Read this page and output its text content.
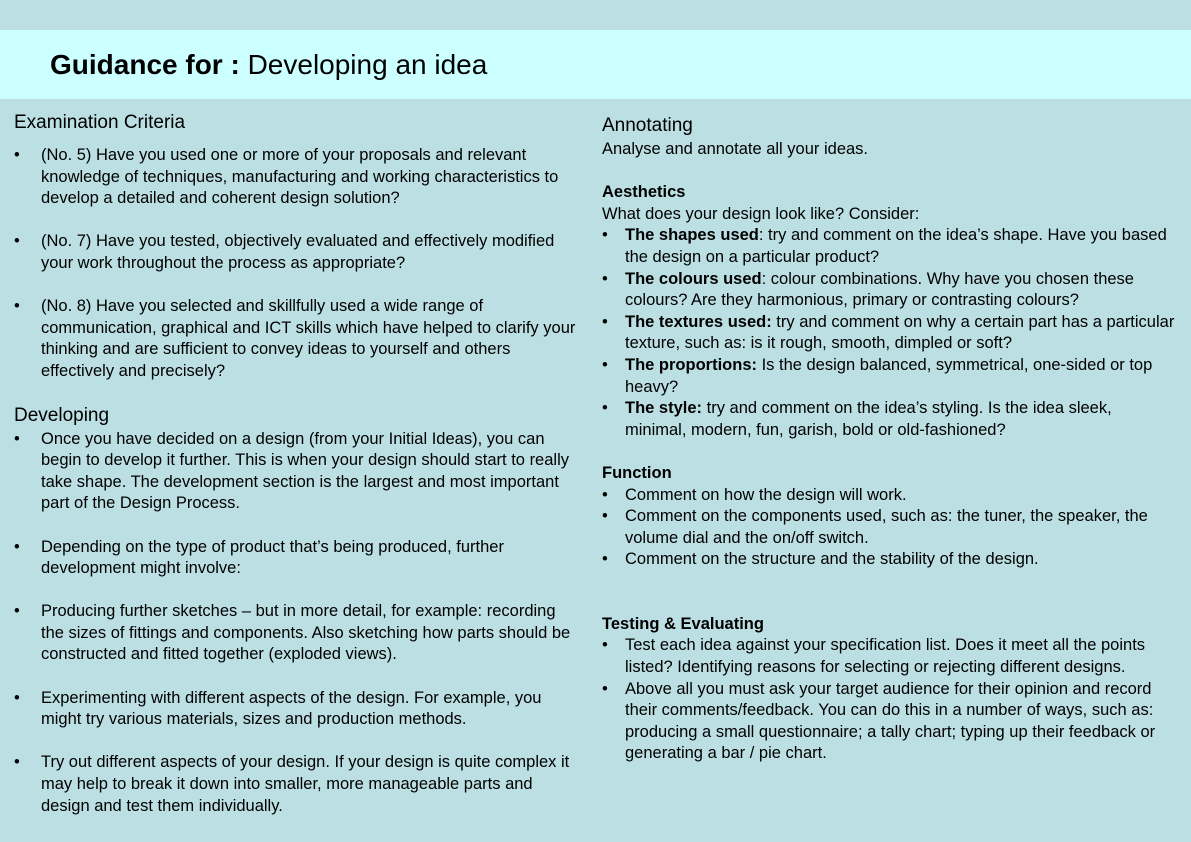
Guidance for : Developing an idea
Examination Criteria
• (No. 5) Have you used one or more of your proposals and relevant knowledge of techniques, manufacturing and working characteristics to develop a detailed and coherent design solution?
• (No. 7) Have you tested, objectively evaluated and effectively modified your work throughout the process as appropriate?
• (No. 8) Have you selected and skillfully used a wide range of communication, graphical and ICT skills which have helped to clarify your thinking and are sufficient to convey ideas to yourself and others effectively and precisely?
Developing
• Once you have decided on a design (from your Initial Ideas), you can begin to develop it further. This is when your design should start to really take shape. The development section is the largest and most important part of the Design Process.
• Depending on the type of product that’s being produced, further development might involve:
• Producing further sketches – but in more detail, for example: recording the sizes of fittings and components. Also sketching how parts should be constructed and fitted together (exploded views).
• Experimenting with different aspects of the design. For example, you might try various materials, sizes and production methods.
• Try out different aspects of your design. If your design is quite complex it may help to break it down into smaller, more manageable parts and design and test them individually.
Annotating

Analyse and annotate all your ideas.

Aesthetics

What does your design look like? Consider:

• The shapes used: try and comment on the idea’s shape. Have you based the design on a particular product?
• The colours used: colour combinations. Why have you chosen these colours? Are they harmonious, primary or contrasting colours?
• The textures used: try and comment on why a certain part has a particular texture, such as: is it rough, smooth, dimpled or soft?
• The proportions: Is the design balanced, symmetrical, one-sided or top heavy?
• The style: try and comment on the idea’s styling. Is the idea sleek, minimal, modern, fun, garish, bold or old-fashioned?
Function
• Comment on how the design will work.
• Comment on the components used, such as: the tuner, the speaker, the volume dial and the on/off switch.
• Comment on the structure and the stability of the design.
Testing & Evaluating
• Test each idea against your specification list. Does it meet all the points listed? Identifying reasons for selecting or rejecting different designs.
• Above all you must ask your target audience for their opinion and record their comments/feedback. You can do this in a number of ways, such as: producing a small questionnaire; a tally chart; typing up their feedback or generating a bar / pie chart.
